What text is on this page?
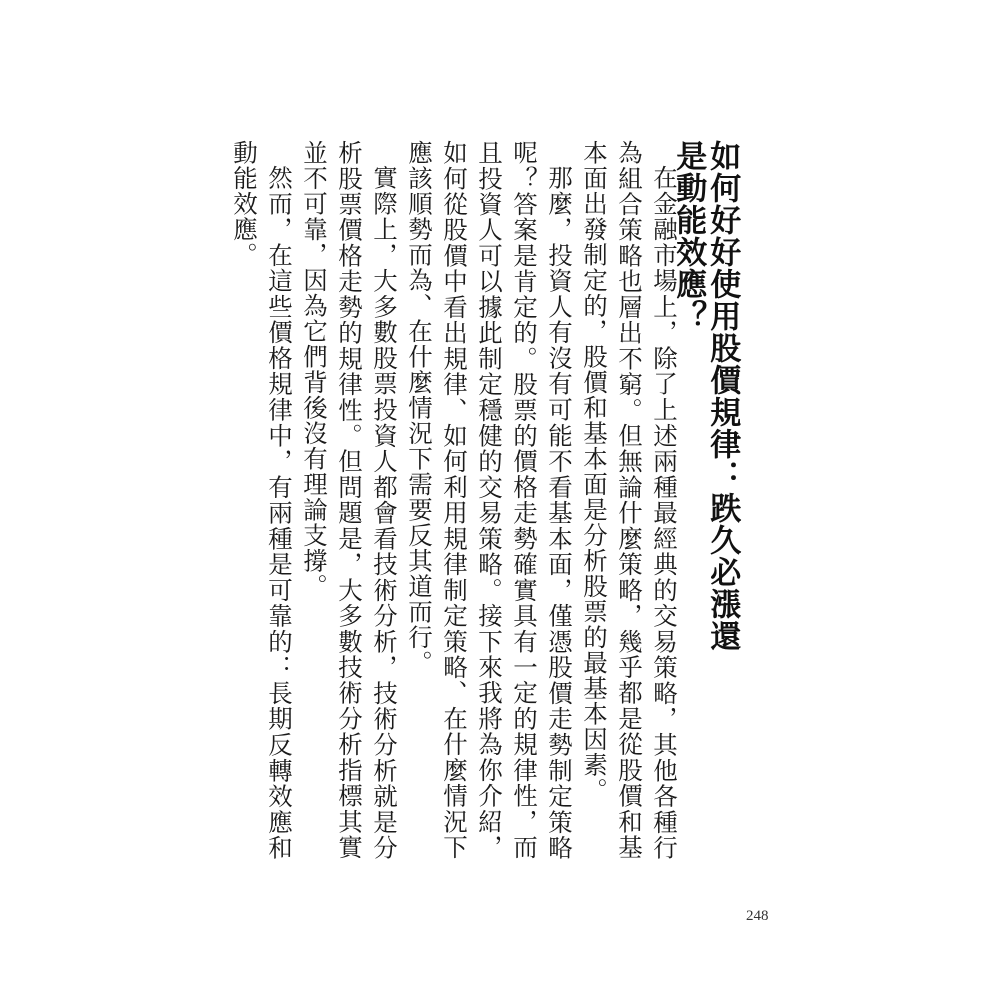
如何好好使用股價規律：跌久必漲還是動能效應？

在金融市場上，除了上述兩種最經典的交易策略，其他各種行為組合策略也層出不窮。但無論什麼策略，幾乎都是從股價和基本面出發制定的，股價和基本面是分析股票的最基本因素。

那麼，投資人有沒有可能不看基本面，僅憑股價走勢制定策略呢？答案是肯定的。股票的價格走勢確實具有一定的規律性，而且投資人可以據此制定穩健的交易策略。接下來我將為你介紹，如何從股價中看出規律、如何利用規律制定策略、在什麼情況下應該順勢而為、在什麼情況下需要反其道而行。

實際上，大多數股票投資人都會看技術分析，技術分析就是分析股票價格走勢的規律性。但問題是，大多數技術分析指標其實並不可靠，因為它們背後沒有理論支撐。

然而，在這些價格規律中，有兩種是可靠的：長期反轉效應和動能效應。

248
